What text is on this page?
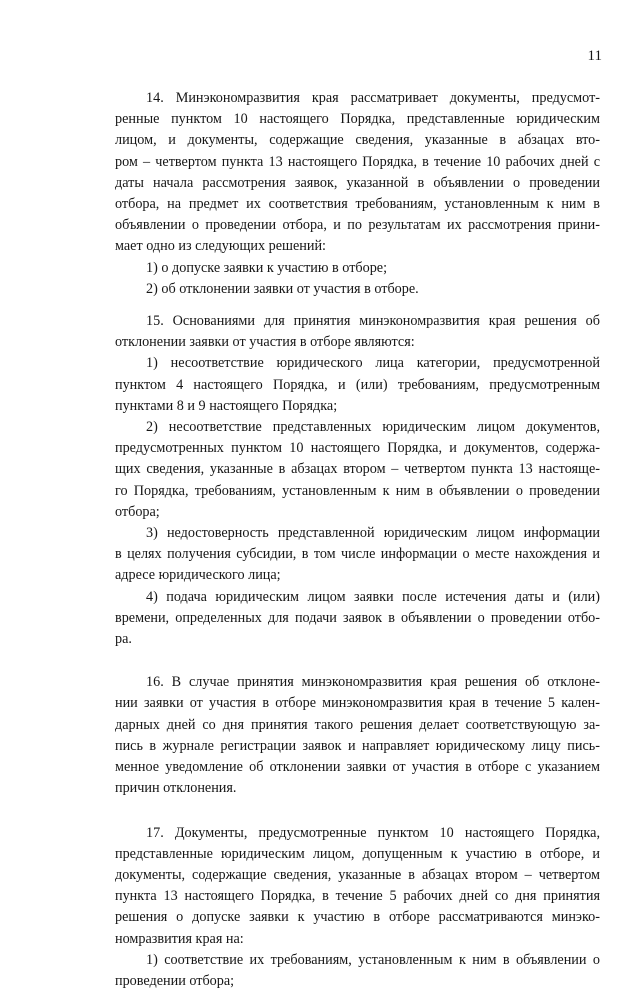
11
14. Минэкономразвития края рассматривает документы, предусмот-
ренные пунктом 10 настоящего Порядка, представленные юридическим
лицом, и документы, содержащие сведения, указанные в абзацах вто-
ром – четвертом пункта 13 настоящего Порядка, в течение 10 рабочих дней с
даты начала рассмотрения заявок, указанной в объявлении о проведении
отбора, на предмет их соответствия требованиям, установленным к ним в
объявлении о проведении отбора, и по результатам их рассмотрения прини-
мает одно из следующих решений:
1) о допуске заявки к участию в отборе;
2) об отклонении заявки от участия в отборе.
15. Основаниями для принятия минэкономразвития края решения об
отклонении заявки от участия в отборе являются:
1) несоответствие юридического лица категории, предусмотренной
пунктом 4 настоящего Порядка, и (или) требованиям, предусмотренным
пунктами 8 и 9 настоящего Порядка;
2) несоответствие представленных юридическим лицом документов,
предусмотренных пунктом 10 настоящего Порядка, и документов, содержа-
щих сведения, указанные в абзацах втором – четвертом пункта 13 настояще-
го Порядка, требованиям, установленным к ним в объявлении о проведении
отбора;
3) недостоверность представленной юридическим лицом информации
в целях получения субсидии, в том числе информации о месте нахождения и
адресе юридического лица;
4) подача юридическим лицом заявки после истечения даты и (или)
времени, определенных для подачи заявок в объявлении о проведении отбо-
ра.
16. В случае принятия минэкономразвития края решения об отклоне-
нии заявки от участия в отборе минэкономразвития края в течение 5 кален-
дарных дней со дня принятия такого решения делает соответствующую за-
пись в журнале регистрации заявок и направляет юридическому лицу пись-
менное уведомление об отклонении заявки от участия в отборе с указанием
причин отклонения.
17. Документы, предусмотренные пунктом 10 настоящего Порядка,
представленные юридическим лицом, допущенным к участию в отборе, и
документы, содержащие сведения, указанные в абзацах втором – четвертом
пункта 13 настоящего Порядка, в течение 5 рабочих дней со дня принятия
решения о допуске заявки к участию в отборе рассматриваются минэко-
номразвития края на:
1) соответствие их требованиям, установленным к ним в объявлении о
проведении отбора;
